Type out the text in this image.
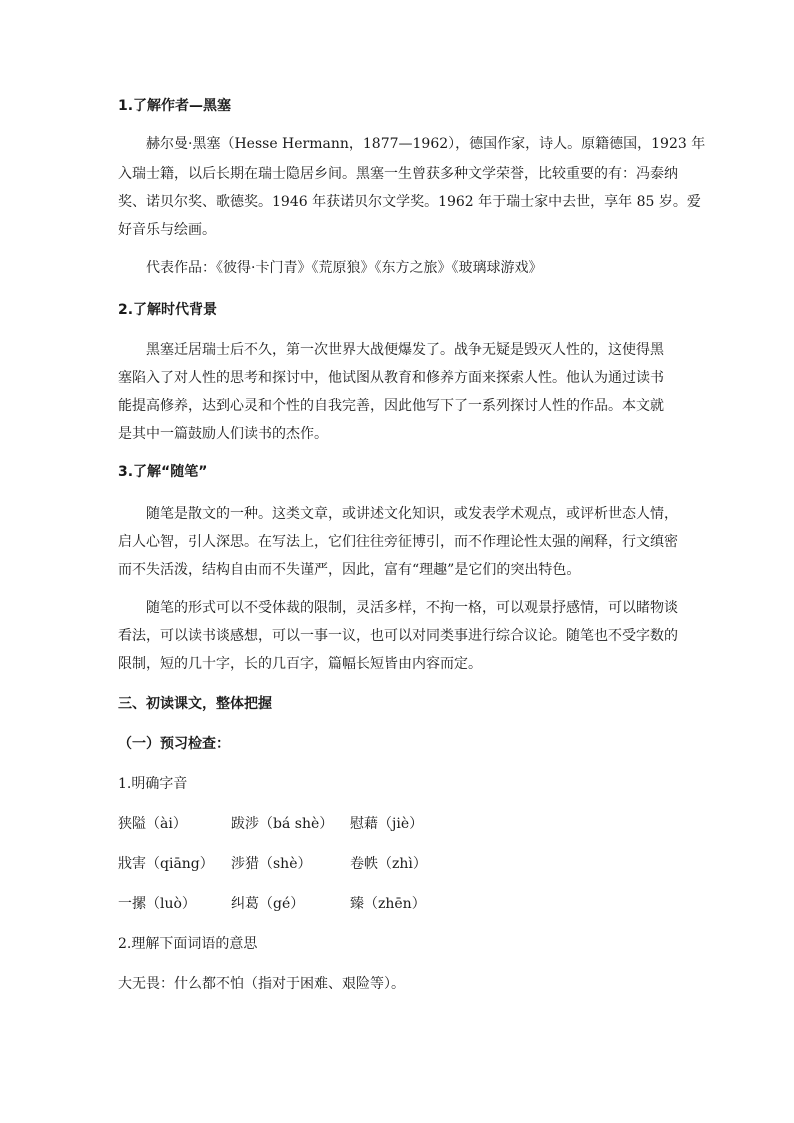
1.了解作者—黑塞
赫尔曼·黑塞（Hesse Hermann，1877—1962），德国作家，诗人。原籍德国，1923 年
入瑞士籍，以后长期在瑞士隐居乡间。黑塞一生曾获多种文学荣誉，比较重要的有：冯泰纳
奖、诺贝尔奖、歌德奖。1946 年获诺贝尔文学奖。1962 年于瑞士家中去世，享年 85 岁。爱
好音乐与绘画。
代表作品：《彼得·卡门青》《荒原狼》《东方之旅》《玻璃球游戏》
2.了解时代背景
黑塞迁居瑞士后不久，第一次世界大战便爆发了。战争无疑是毁灭人性的，这使得黑
塞陷入了对人性的思考和探讨中，他试图从教育和修养方面来探索人性。他认为通过读书
能提高修养，达到心灵和个性的自我完善，因此他写下了一系列探讨人性的作品。本文就
是其中一篇鼓励人们读书的杰作。
3.了解“随笔”
随笔是散文的一种。这类文章，或讲述文化知识，或发表学术观点，或评析世态人情，
启人心智，引人深思。在写法上，它们往往旁征博引，而不作理论性太强的阐释，行文缜密
而不失活泼，结构自由而不失谨严，因此，富有“理趣”是它们的突出特色。
随笔的形式可以不受体裁的限制，灵活多样，不拘一格，可以观景抒感情，可以睹物谈
看法，可以读书谈感想，可以一事一议，也可以对同类事进行综合议论。随笔也不受字数的
限制，短的几十字，长的几百字，篇幅长短皆由内容而定。
三、初读课文，整体把握
（一）预习检查：
1.明确字音
狭隘（ài）	跋涉（bá shè） 慰藉（jiè）
戕害（qiāng） 涉猎（shè）	卷帙（zhì）
一摞（luò）	纠葛（gé）	臻（zhēn）
2.理解下面词语的意思
大无畏：什么都不怕（指对于困难、艰险等）。
